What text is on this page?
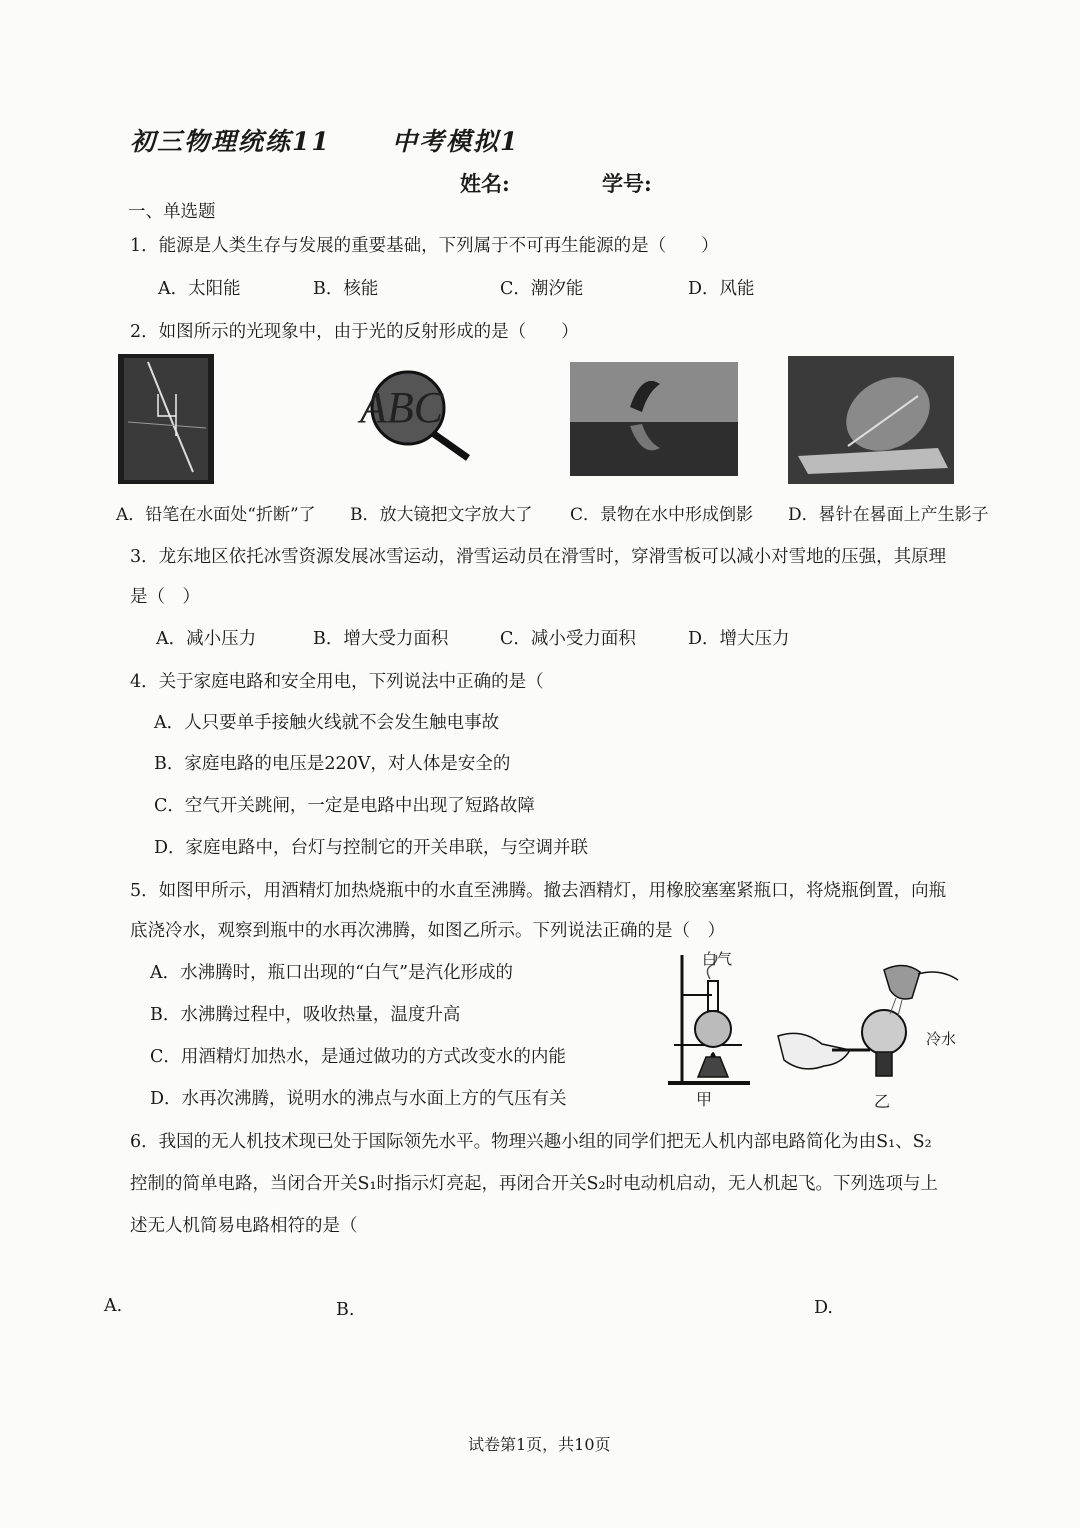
初三物理统练11 中考模拟1
姓名:	学号:
一、单选题
1．能源是人类生存与发展的重要基础，下列属于不可再生能源的是（　　）
A．太阳能	B．核能	C．潮汐能	D．风能
2．如图所示的光现象中，由于光的反射形成的是（　　）
ABC
A．铅笔在水面处“折断”了 B．放大镜把文字放大了 C．景物在水中形成倒影 D．晷针在晷面上产生影子
3．龙东地区依托冰雪资源发展冰雪运动，滑雪运动员在滑雪时，穿滑雪板可以减小对雪地的压强，其原理
是（　）
A．减小压力	B．增大受力面积	C．减小受力面积	D．增大压力
4．关于家庭电路和安全用电，下列说法中正确的是（
A．人只要单手接触火线就不会发生触电事故
B．家庭电路的电压是220V，对人体是安全的
C．空气开关跳闸，一定是电路中出现了短路故障
D．家庭电路中，台灯与控制它的开关串联，与空调并联
5．如图甲所示，用酒精灯加热烧瓶中的水直至沸腾。撤去酒精灯，用橡胶塞塞紧瓶口，将烧瓶倒置，向瓶
底浇冷水，观察到瓶中的水再次沸腾，如图乙所示。下列说法正确的是（　）
A．水沸腾时，瓶口出现的“白气”是汽化形成的
B．水沸腾过程中，吸收热量，温度升高
C．用酒精灯加热水，是通过做功的方式改变水的内能
D．水再次沸腾，说明水的沸点与水面上方的气压有关
白气
甲
冷水
乙
6．我国的无人机技术现已处于国际领先水平。物理兴趣小组的同学们把无人机内部电路简化为由S₁、S₂
控制的简单电路，当闭合开关S₁时指示灯亮起，再闭合开关S₂时电动机启动，无人机起飞。下列选项与上
述无人机简易电路相符的是（
A.	B.	D.
试卷第1页，共10页
